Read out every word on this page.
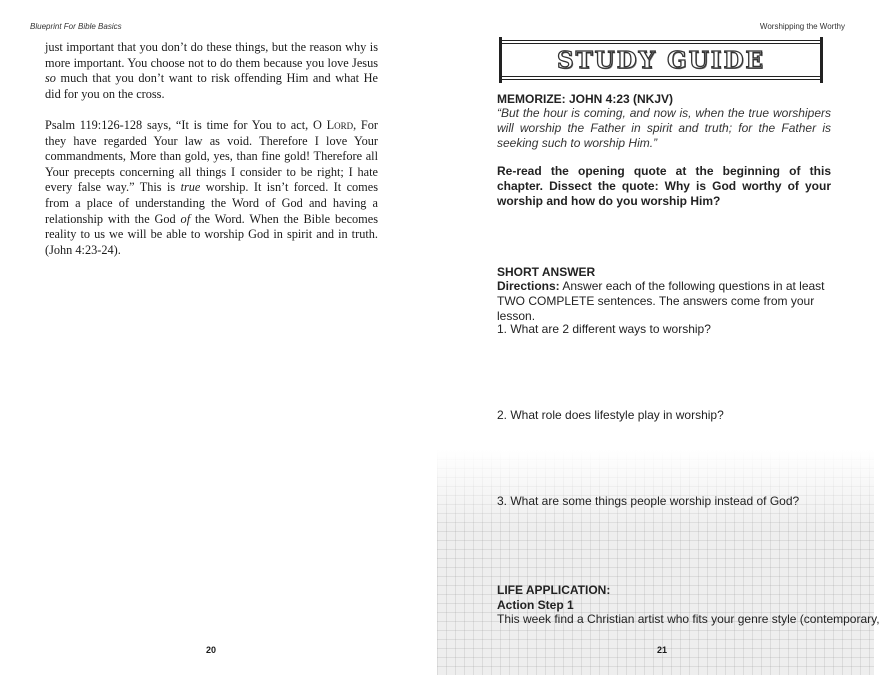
Blueprint For Bible Basics
just important that you don’t do these things, but the reason why is more important. You choose not to do them because you love Jesus so much that you don’t want to risk offending Him and what He did for you on the cross.
Psalm 119:126-128 says, “It is time for You to act, O Lord, For they have regarded Your law as void. Therefore I love Your commandments, More than gold, yes, than fine gold! Therefore all Your precepts concerning all things I consider to be right; I hate every false way.” This is true worship. It isn’t forced. It comes from a place of understanding the Word of God and having a relationship with the God of the Word. When the Bible becomes reality to us we will be able to worship God in spirit and in truth. (John 4:23-24).
20
Worshipping the Worthy
STUDY GUIDE
MEMORIZE: JOHN 4:23 (NKJV)
“But the hour is coming, and now is, when the true worshipers will worship the Father in spirit and truth; for the Father is seeking such to worship Him.”
Re-read the opening quote at the beginning of this chapter. Dissect the quote: Why is God worthy of your worship and how do you worship Him?
SHORT ANSWER
Directions: Answer each of the following questions in at least TWO COMPLETE sentences. The answers come from your lesson.
1. What are 2 different ways to worship?
2. What role does lifestyle play in worship?
3. What are some things people worship instead of God?
LIFE APPLICATION:
Action Step 1
This week find a Christian artist who fits your genre style (contemporary,
21
